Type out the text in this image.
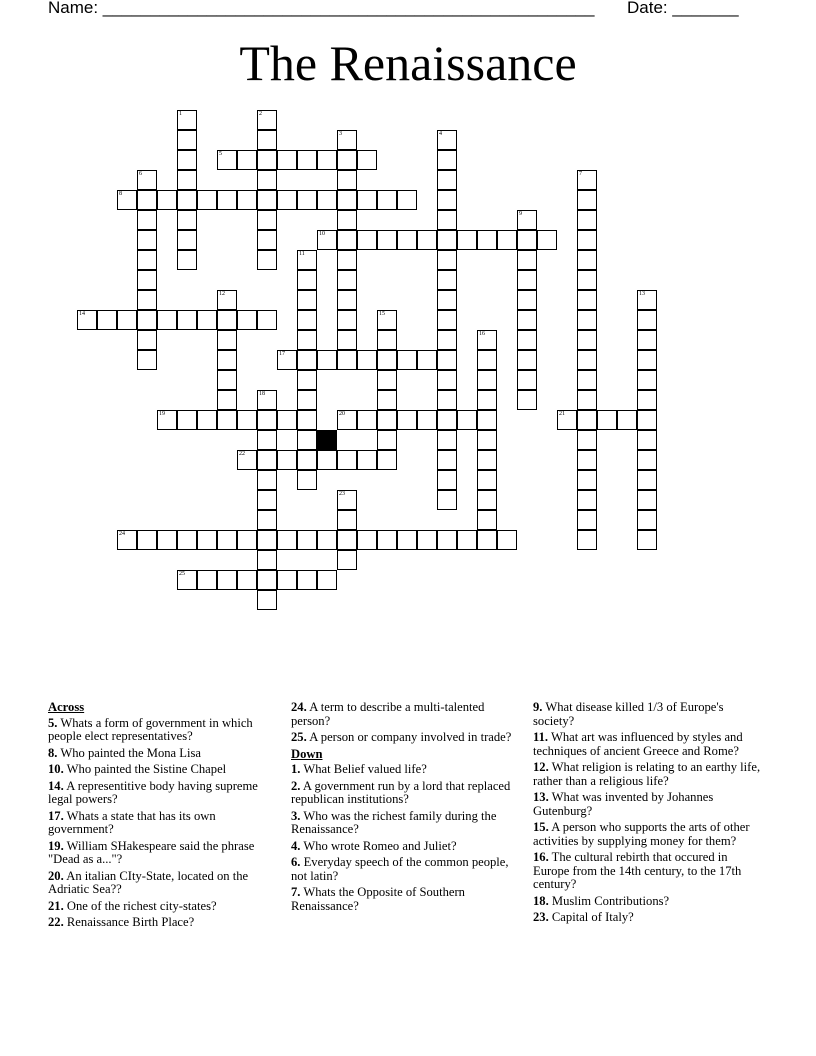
Name: ____________________________________________________ Date: _______
The Renaissance
5
8
10
14
17
19	20	21
22
24
25
1	2
3	4
6	7
9
11
12	13
15
16
18
23
Across
5. Whats a form of government in which people elect representatives?
8. Who painted the Mona Lisa
10. Who painted the Sistine Chapel
14. A representitive body having supreme legal powers?
17. Whats a state that has its own government?
19. William SHakespeare said the phrase "Dead as a..."?
20. An italian CIty-State, located on the Adriatic Sea??
21. One of the richest city-states?
22. Renaissance Birth Place?
24. A term to describe a multi-talented person?
25. A person or company involved in trade?
Down
1. What Belief valued life?
2. A government run by a lord that replaced republican institutions?
3. Who was the richest family during the Renaissance?
4. Who wrote Romeo and Juliet?
6. Everyday speech of the common people, not latin?
7. Whats the Opposite of Southern Renaissance?
9. What disease killed 1/3 of Europe's society?
11. What art was influenced by styles and techniques of ancient Greece and Rome?
12. What religion is relating to an earthy life, rather than a religious life?
13. What was invented by Johannes Gutenburg?
15. A person who supports the arts of other activities by supplying money for them?
16. The cultural rebirth that occured in Europe from the 14th century, to the 17th century?
18. Muslim Contributions?
23. Capital of Italy?
